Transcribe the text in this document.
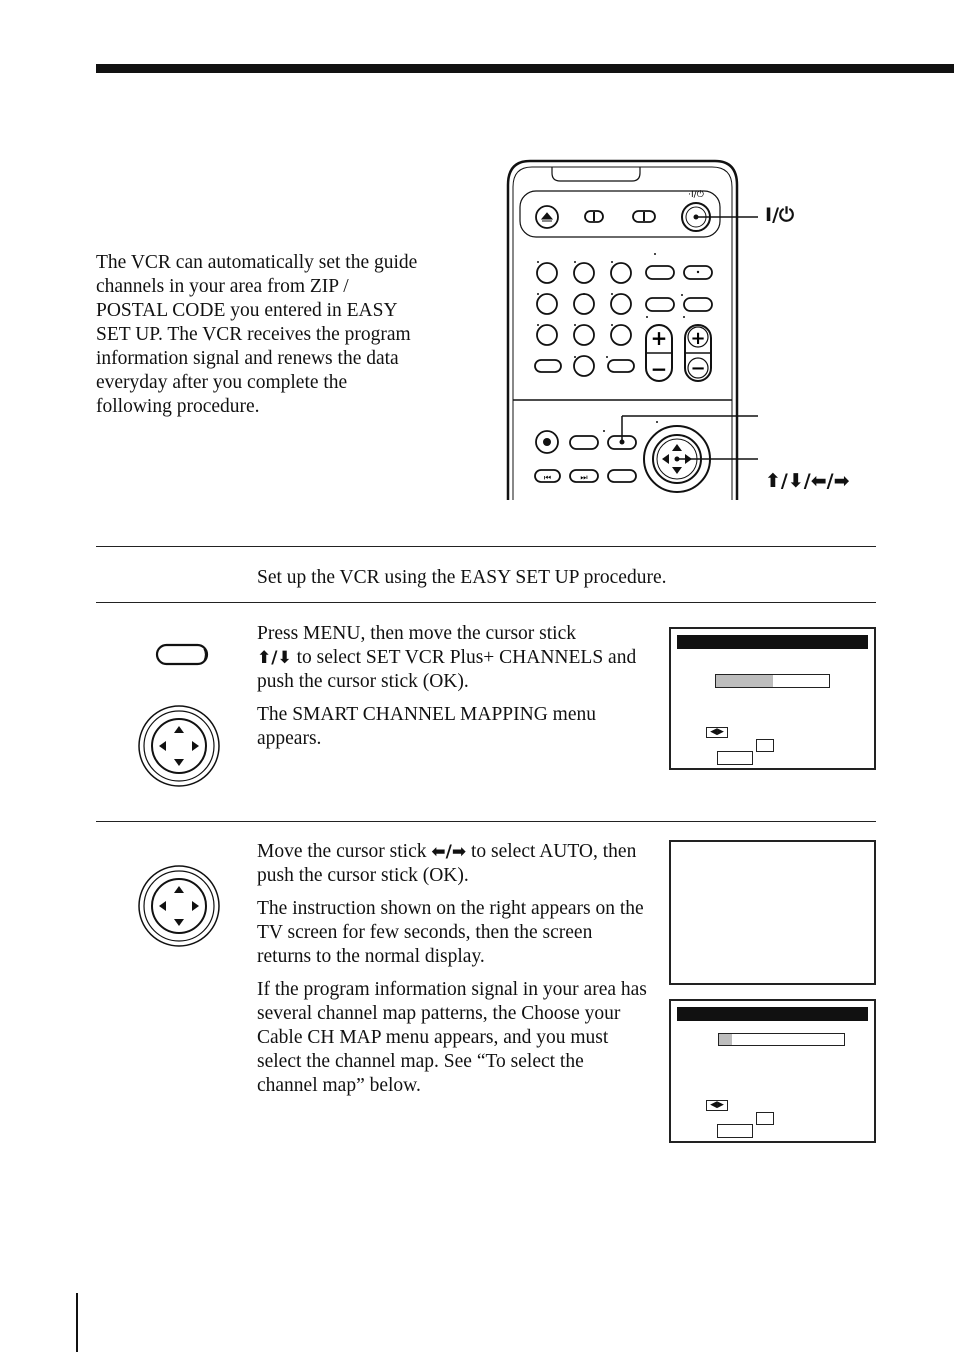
The VCR can automatically set the guide
channels in your area from ZIP /
POSTAL CODE you entered in EASY
SET UP. The VCR receives the program
information signal and renews the data
everyday after you complete the
following procedure.
·I/⏻
+
−
+
−
⏮	⏭
I/⏻
⬆/⬇/⬅/➡
Set up the VCR using the EASY SET UP procedure.

Press MENU, then move the cursor stick
⬆/⬇ to select SET VCR Plus+ CHANNELS and push the cursor stick (OK).

The SMART CHANNEL MAPPING menu appears.	◀▶

Move the cursor stick ⬅/➡ to select AUTO, then push the cursor stick (OK).

The instruction shown on the right appears on the TV screen for few seconds, then the screen returns to the normal display.

If the program information signal in your area has several channel map patterns, the Choose your Cable CH MAP menu appears, and you must select the channel map. See “To select the channel map” below.

◀▶
